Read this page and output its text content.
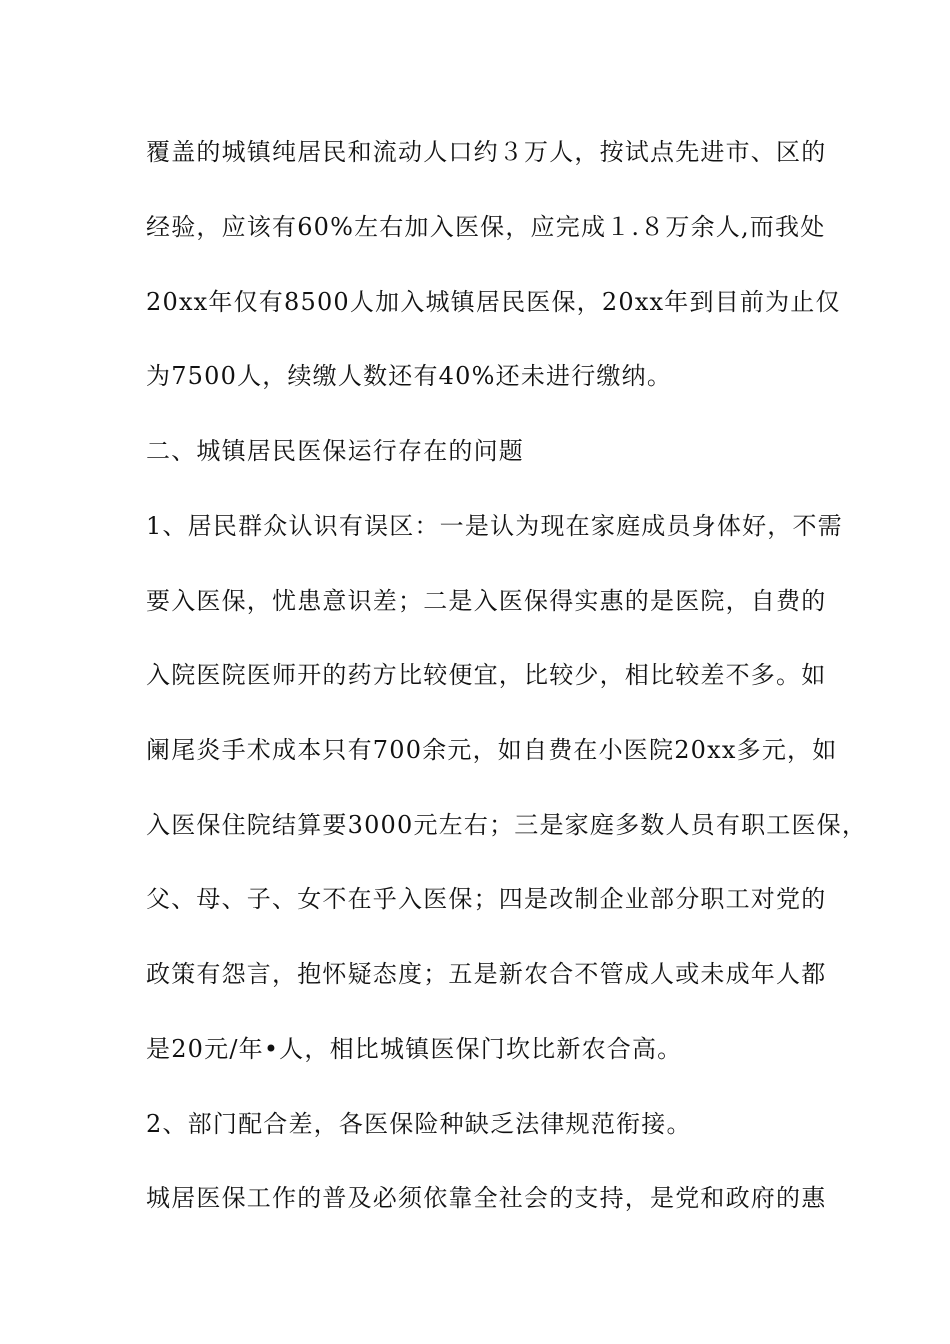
覆盖的城镇纯居民和流动人口约３万人，按试点先进市、区的
经验，应该有60%左右加入医保，应完成１.８万余人,而我处
20xx年仅有8500人加入城镇居民医保，20xx年到目前为止仅
为7500人，续缴人数还有40%还未进行缴纳。
二、城镇居民医保运行存在的问题
1、居民群众认识有误区：一是认为现在家庭成员身体好，不需
要入医保，忧患意识差；二是入医保得实惠的是医院，自费的
入院医院医师开的药方比较便宜，比较少，相比较差不多。如
阑尾炎手术成本只有700余元，如自费在小医院20xx多元，如
入医保住院结算要3000元左右；三是家庭多数人员有职工医保，
父、母、子、女不在乎入医保；四是改制企业部分职工对党的
政策有怨言，抱怀疑态度；五是新农合不管成人或未成年人都
是20元/年•人，相比城镇医保门坎比新农合高。
2、部门配合差，各医保险种缺乏法律规范衔接。
城居医保工作的普及必须依靠全社会的支持，是党和政府的惠
